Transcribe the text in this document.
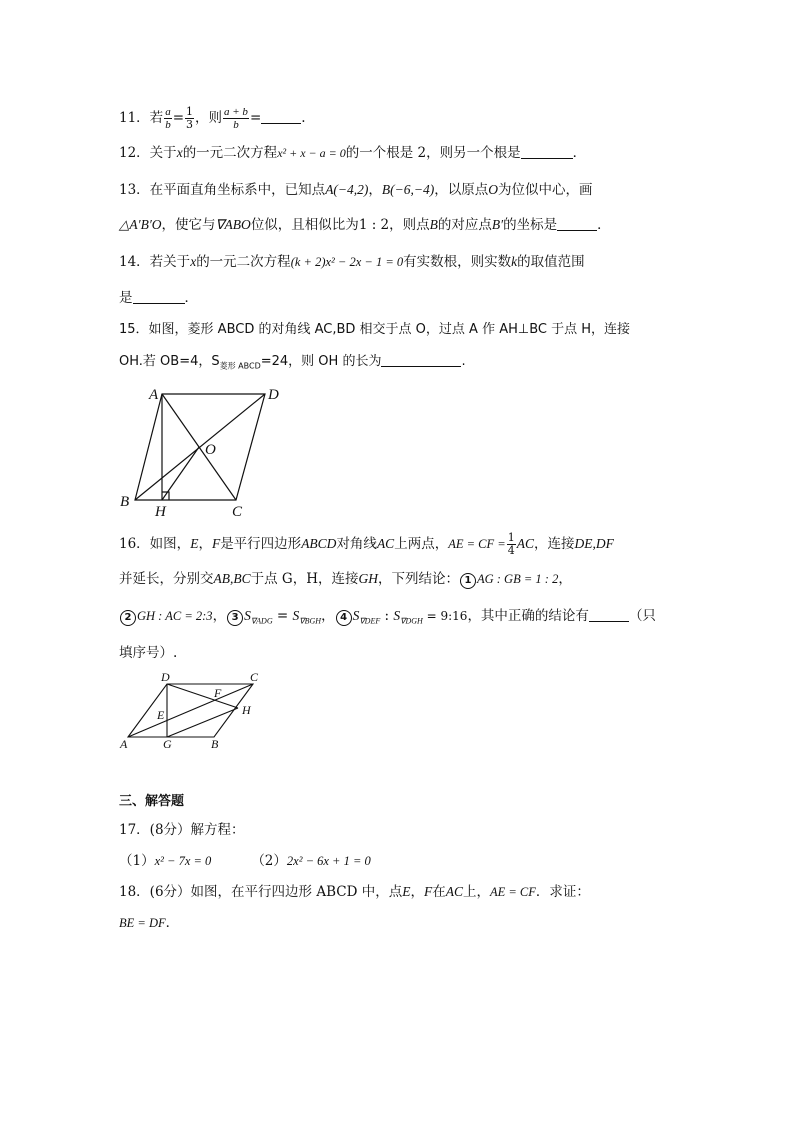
11．若 $\frac{a}{b} = \frac{1}{3}$ ，则 $\frac{a + b}{b}$ =	.
12．关于x的一元二次方程x² + x − a = 0的一个根是 2，则另一个根是	．
13．在平面直角坐标系中，已知点A(−4,2)，B(−6,−4)，以原点O为位似中心，画
△A′B′O，使它与∇ABO位似，且相似比为1 : 2，则点B的对应点B′的坐标是	．
14．若关于x的一元二次方程(k + 2)x² − 2x − 1 = 0有实数根，则实数k的取值范围
是	．
15．如图，菱形 ABCD 的对角线 AC,BD 相交于点 O，过点 A 作 AH⊥BC 于点 H，连接
OH.若 OB=4，$S_{菱形 ABCD}=24$，则 OH 的长为	.
A	D
O
B
H	C
16．如图，E，F是平行四边形ABCD对角线AC上两点，AE = CF = $\frac{1}{4}$ AC，连接DE,DF
并延长，分别交AB,BC于点 G，H，连接GH，下列结论： 1 AG : GB = 1 : 2，
2 GH : AC = 2:3， 3 $S_{\nabla ADG} = S_{\nabla BGH}$， 4 $S_{\nabla DEF}$ : $S_{\nabla DGH}$ = 9:16，其中正确的结论有	（只
填序号）.
D	C
F
E	H
A	G	B
三、解答题
17．(8分）解方程：
（1）x² − 7x = 0	（2）2x² − 6x + 1 = 0
18．(6分）如图，在平行四边形 ABCD 中，点E，F在AC上，AE = CF．求证：
BE = DF．
